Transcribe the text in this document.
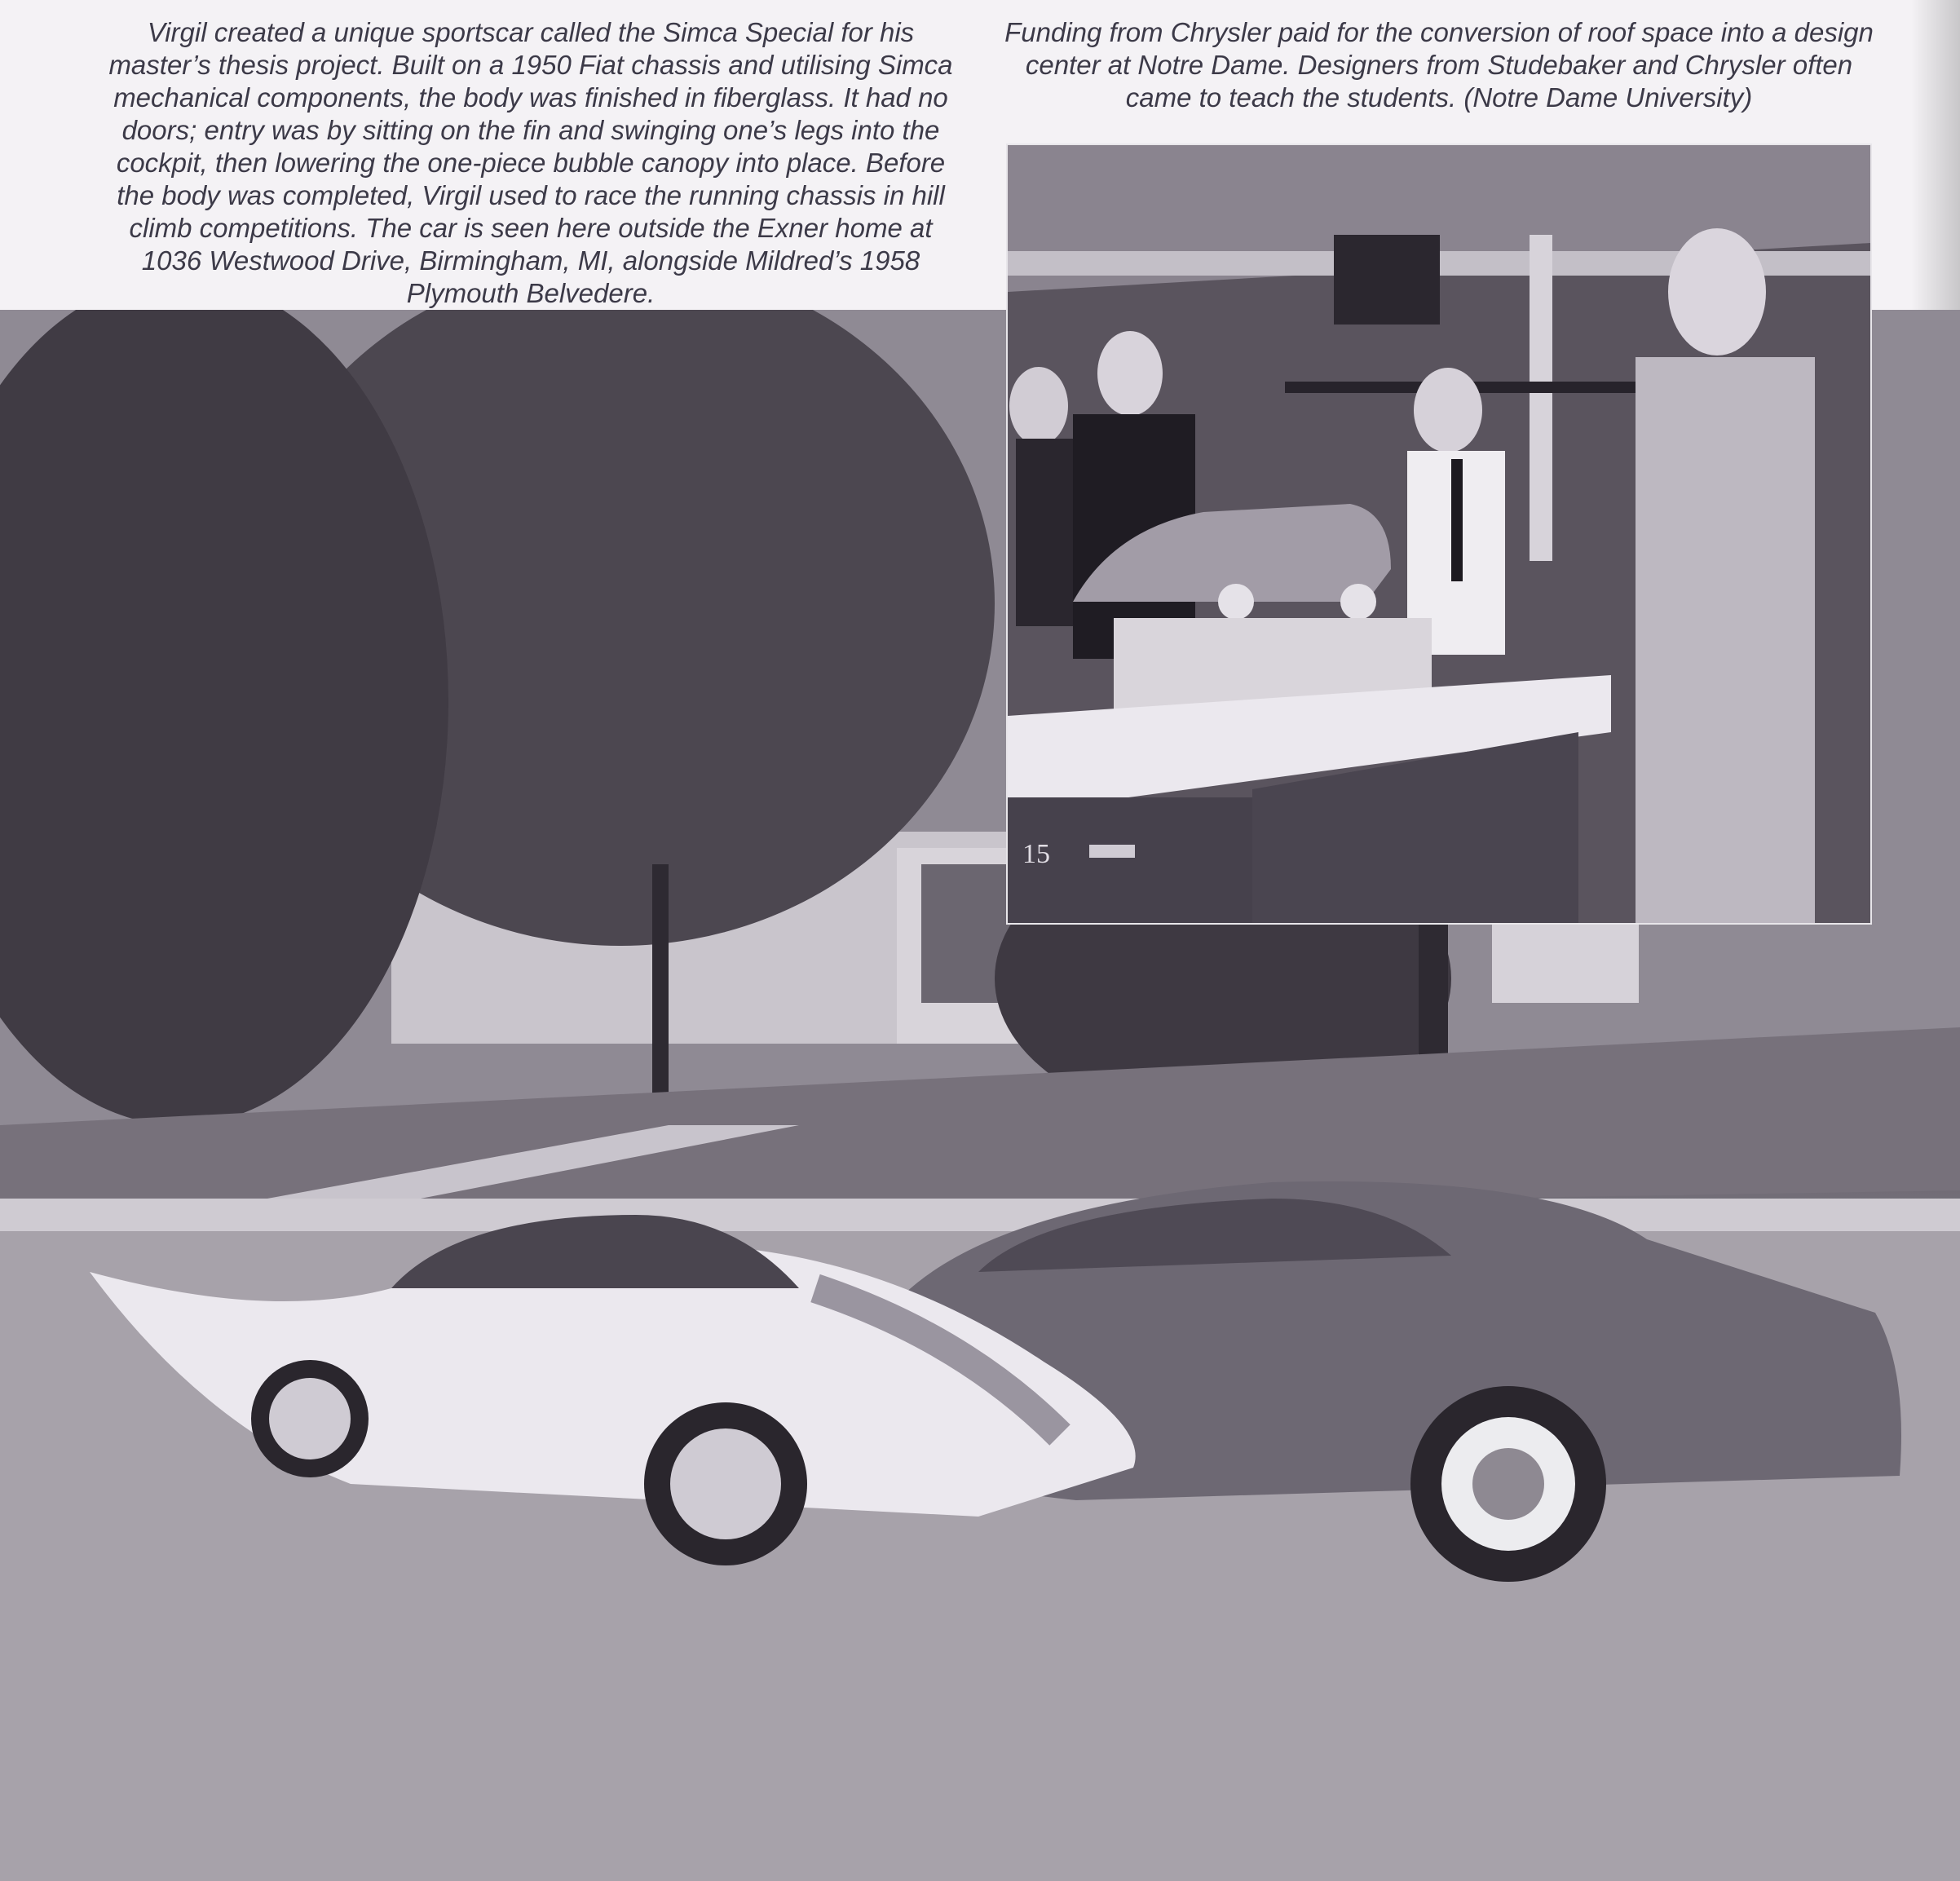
Virgil created a unique sportscar called the Simca Special for his master’s thesis project. Built on a 1950 Fiat chassis and utilising Simca mechanical components, the body was finished in fiberglass. It had no doors; entry was by sitting on the fin and swinging one’s legs into the cockpit, then lowering the one-piece bubble canopy into place. Before the body was completed, Virgil used to race the running chassis in hill climb competitions. The car is seen here outside the Exner home at 1036 Westwood Drive, Birmingham, MI, alongside Mildred’s 1958 Plymouth Belvedere.

Funding from Chrysler paid for the conversion of roof space into a design center at Notre Dame. Designers from Studebaker and Chrysler often came to teach the students. (Notre Dame University)

15
